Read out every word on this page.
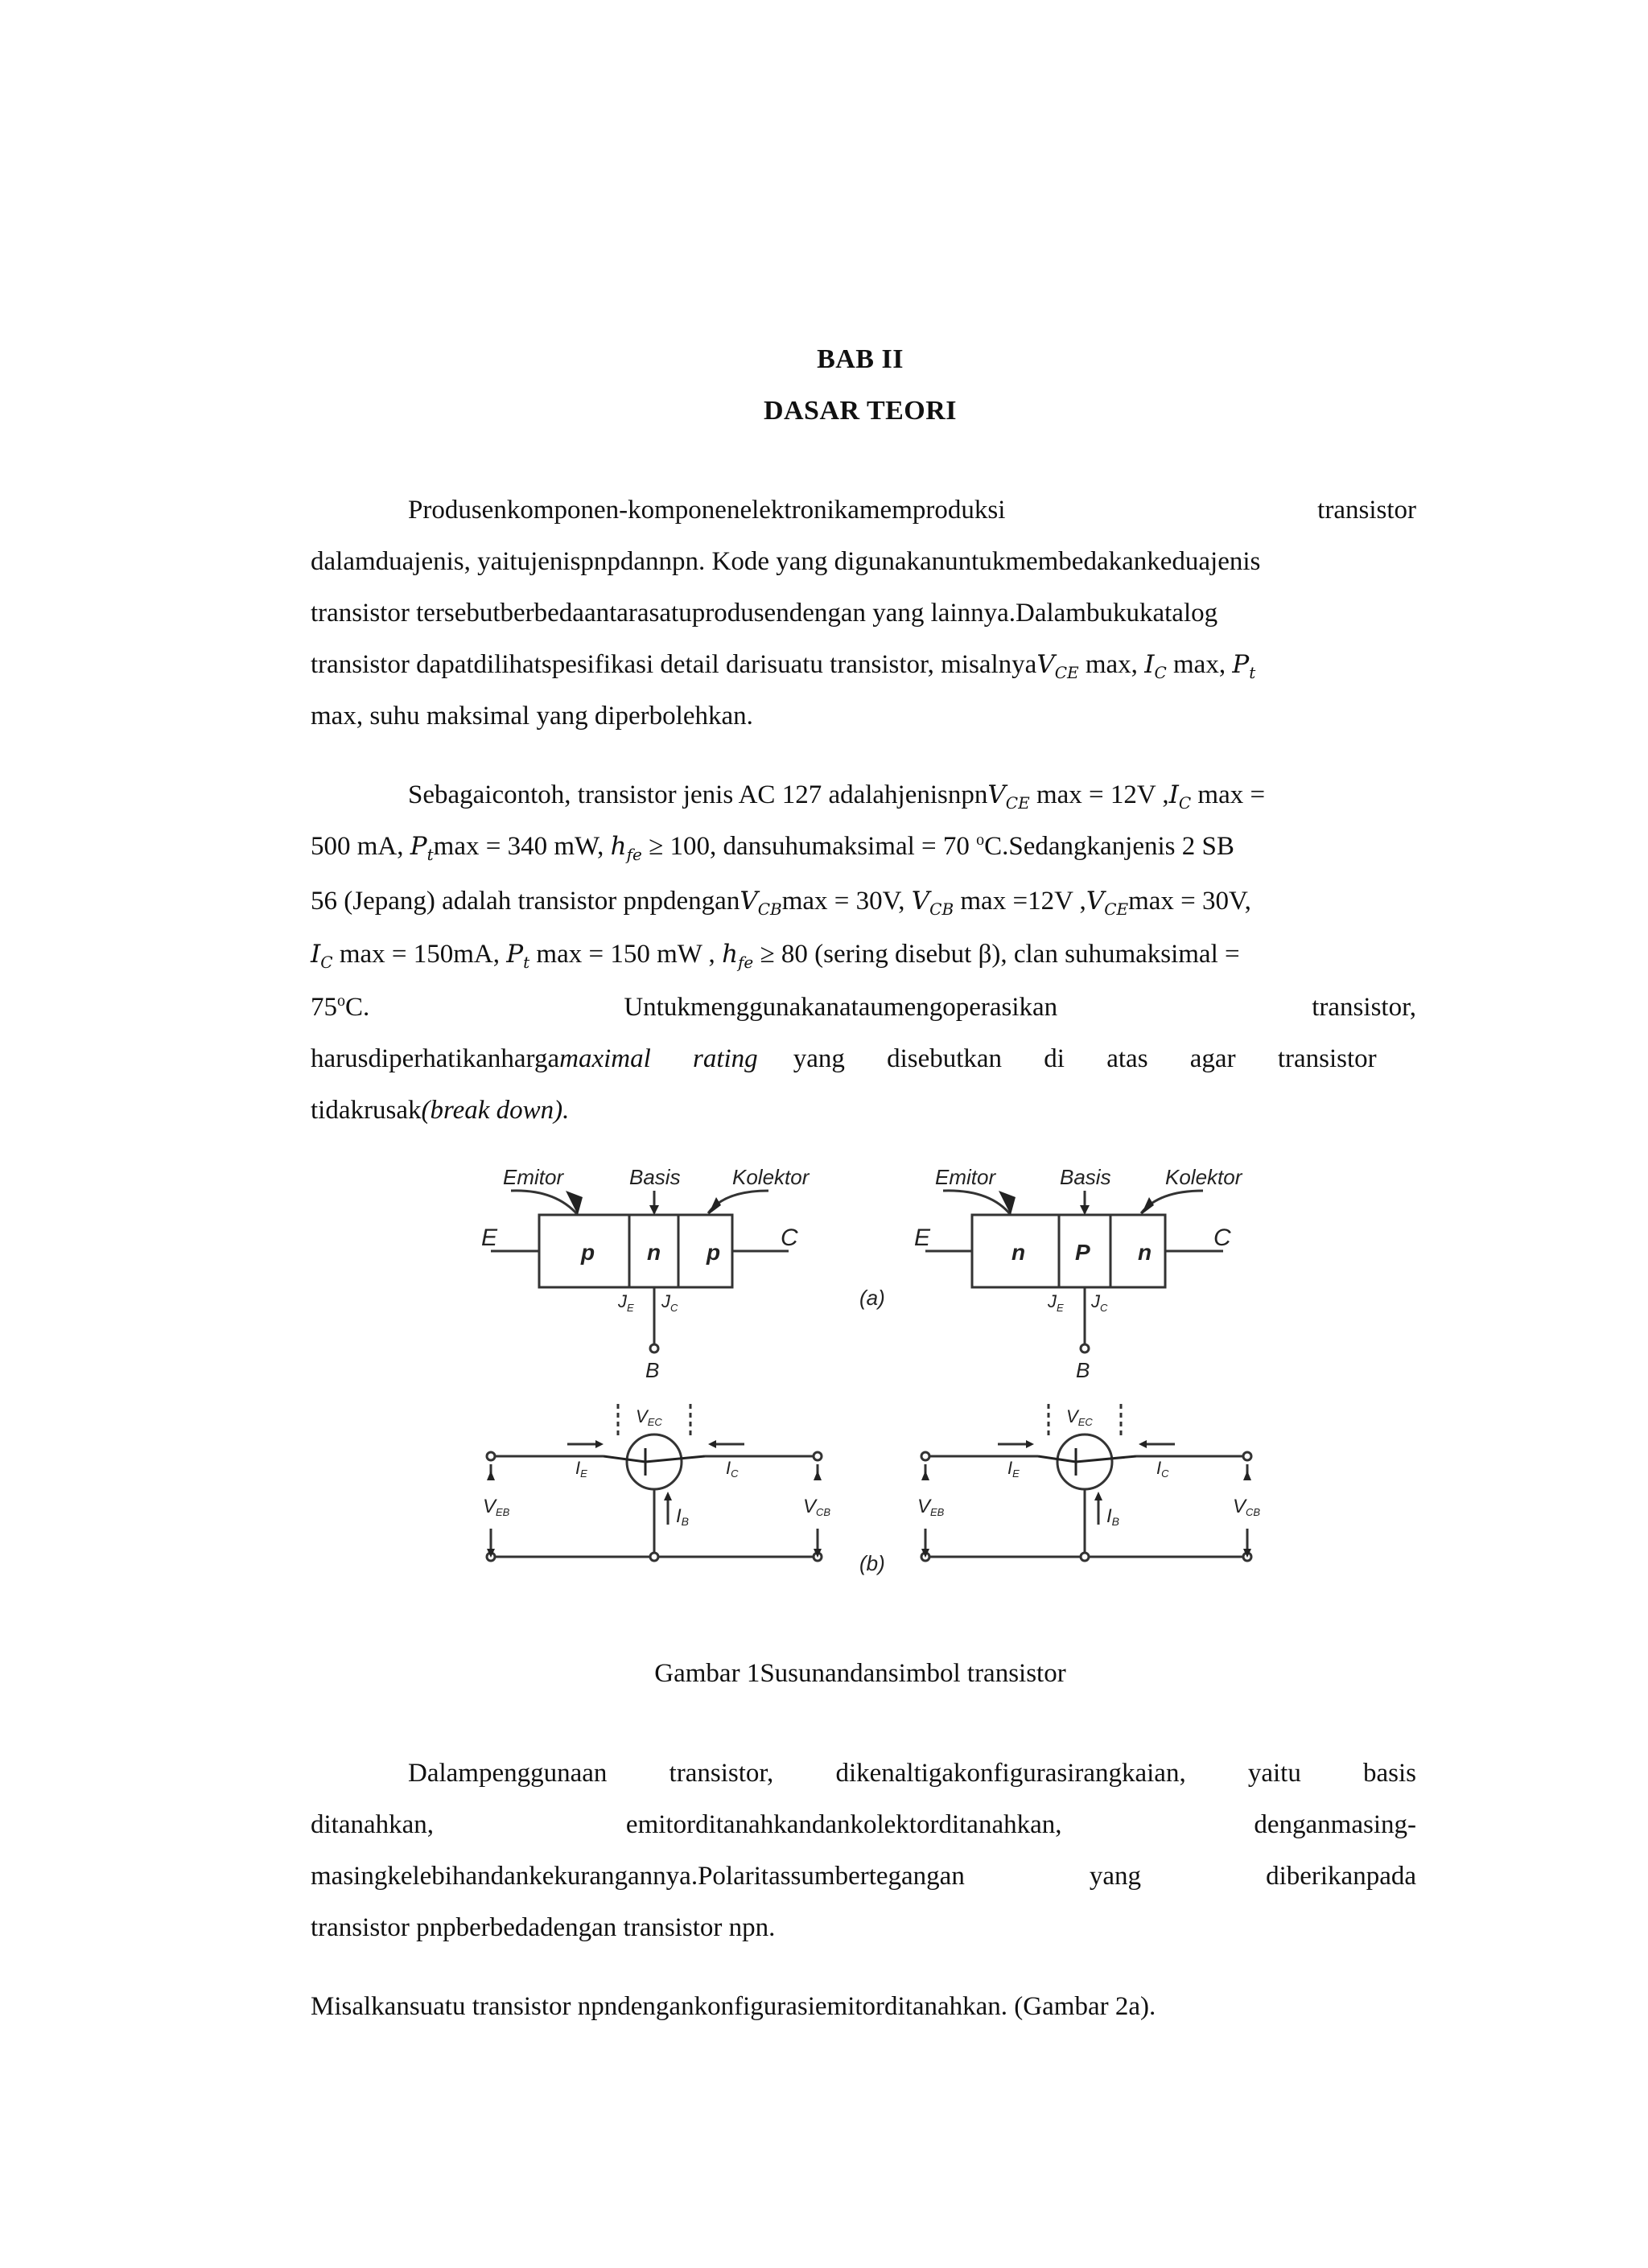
BAB II
DASAR TEORI
Produsenkomponen-komponenelektronikamemproduksi	transistor
dalamduajenis, yaitujenispnpdannpn. Kode yang digunakanuntukmembedakankeduajenis
transistor tersebutberbedaantarasatuprodusendengan yang lainnya.Dalambukukatalog
transistor dapatdilihatspesifikasi detail darisuatu transistor, misalnyaV$_{CE}$ max, $I_C$ max, $P_t$
max, suhu maksimal yang diperbolehkan.
Sebagaicontoh, transistor jenis AC 127 adalahjenisnpnV$_{CE}$ max = 12V $,I_C$ max =
500 mA, $P_t\max = 340$ mW, $h_{fe} \ge 100$, dansuhumaksimal = 70 $^o$C.Sedangkanjenis 2 SB
56 (Jepang) adalah transistor pnpdenganV$_{CB}$max = 30V, $V_{CB}$ max =12V $,V_{CE}\max = 30V$,
$I_C$ max = 150mA, $P_t$ max = 150 mW , $h_{fe} \ge 80$ (sering disebut β), clan suhumaksimal =
$75^oC$.	Untukmenggunakanataumengoperasikan	transistor,
harusdiperhatikanhargamaximal rating yang disebutkan di atas agar transistor
tidakrusak(break down).
Emitor	Basis Kolektor
E	C
p n p
$J_E$ $J_C$
B
(a)
Emitor	Basis	Kolektor
E	C
n P n
$J_E$ $J_C$
B
VEC	VEC
IE	IC
IB
VEB	VCB
(b)
IE	IC
IB
VEB	VCB
Gambar 1Susunandansimbol transistor
Dalampenggunaan transistor, dikenaltigakonfigurasirangkaian, yaitu basis
ditanahkan,	emitorditanahkandankolektorditanahkan,	denganmasing-
masingkelebihandankekurangannya.Polaritassumbertegangan	yang	diberikanpada
transistor pnpberbedadengan transistor npn.
Misalkansuatu transistor npndengankonfigurasiemitorditanahkan. (Gambar 2a).
